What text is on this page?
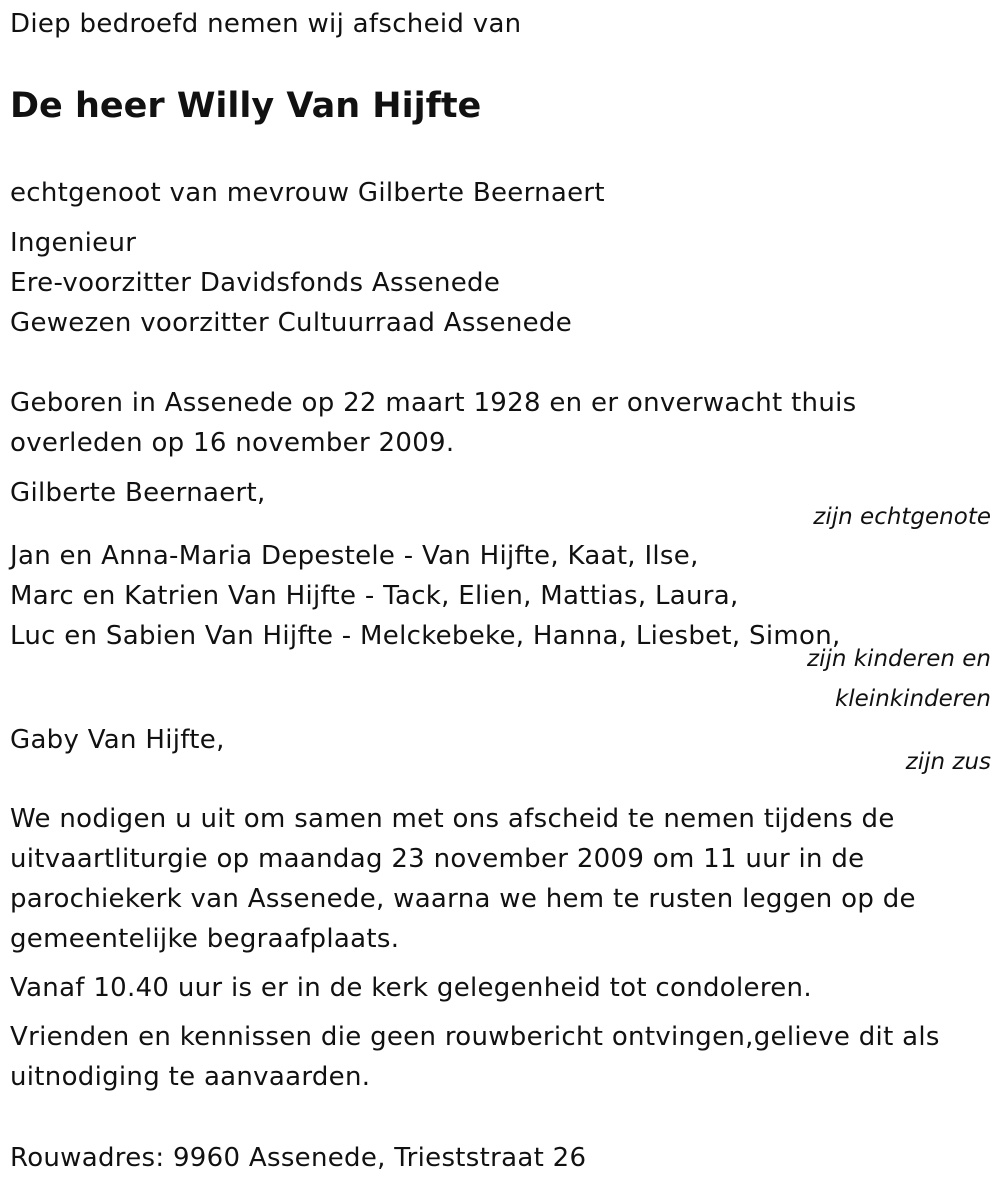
Diep bedroefd nemen wij afscheid van
De heer Willy Van Hijfte
echtgenoot van mevrouw Gilberte Beernaert
Ingenieur
Ere-voorzitter Davidsfonds Assenede
Gewezen voorzitter Cultuurraad Assenede
Geboren in Assenede op 22 maart 1928 en er onverwacht thuis
overleden op 16 november 2009.
Gilberte Beernaert,
zijn echtgenote
Jan en Anna-Maria Depestele - Van Hijfte, Kaat, Ilse,
Marc en Katrien Van Hijfte - Tack, Elien, Mattias, Laura,
Luc en Sabien Van Hijfte - Melckebeke, Hanna, Liesbet, Simon,
zijn kinderen en
kleinkinderen
Gaby Van Hijfte,
zijn zus
We nodigen u uit om samen met ons afscheid te nemen tijdens de
uitvaartliturgie op maandag 23 november 2009 om 11 uur in de
parochiekerk van Assenede, waarna we hem te rusten leggen op de
gemeentelijke begraafplaats.
Vanaf 10.40 uur is er in de kerk gelegenheid tot condoleren.
Vrienden en kennissen die geen rouwbericht ontvingen,gelieve dit als
uitnodiging te aanvaarden.
Rouwadres: 9960 Assenede, Trieststraat 26
